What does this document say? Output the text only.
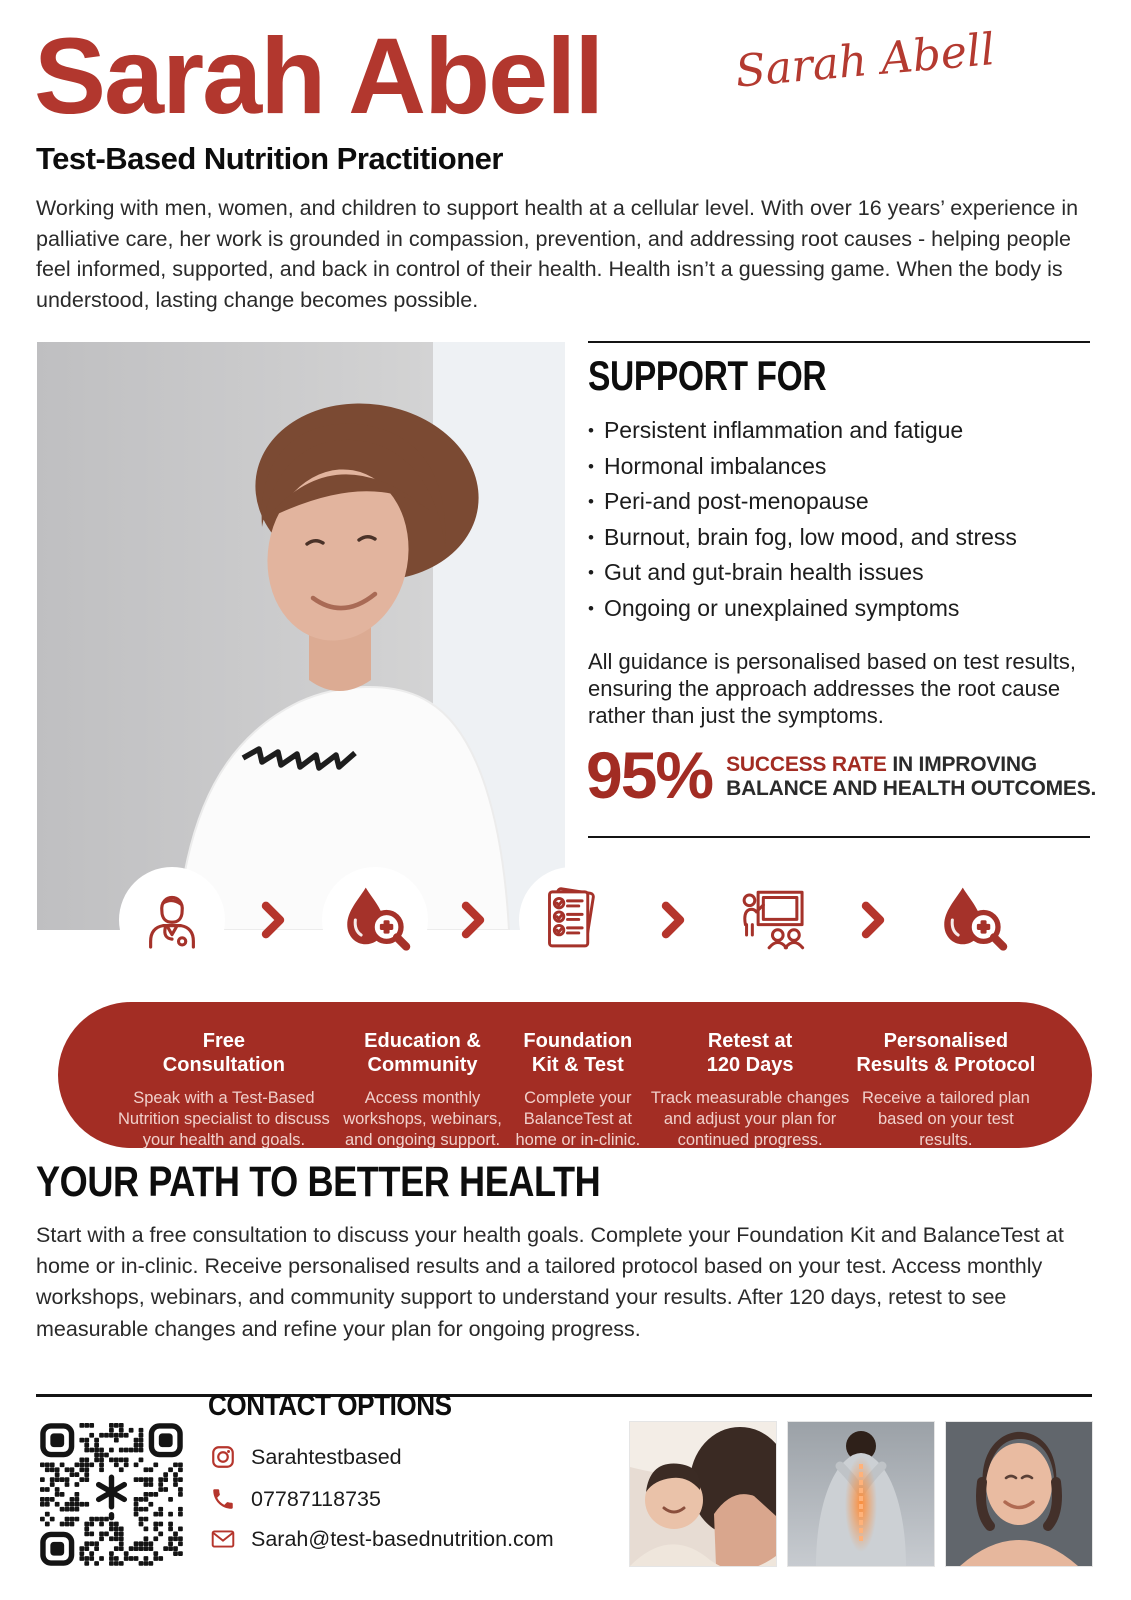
Sarah Abell	Sarah Abell
Test-Based Nutrition Practitioner

Working with men, women, and children to support health at a cellular level. With over 16 years’ experience in palliative care, her work is grounded in compassion, prevention, and addressing root causes - helping people feel informed, supported, and back in control of their health. Health isn’t a guessing game. When the body is understood, lasting change becomes possible.

SUPPORT FOR
• Persistent inflammation and fatigue
• Hormonal imbalances
• Peri-and post-menopause
• Burnout, brain fog, low mood, and stress
• Gut and gut-brain health issues
• Ongoing or unexplained symptoms

All guidance is personalised based on test results, ensuring the approach addresses the root cause rather than just the symptoms.

95% SUCCESS RATE IN IMPROVING
BALANCE AND HEALTH OUTCOMES.
Free Consultation

Speak with a Test-Based Nutrition specialist to discuss your health and goals.

Education & Community

Access monthly workshops, webinars, and ongoing support.

Foundation Kit & Test

Complete your BalanceTest at home or in-clinic.

Retest at 120 Days

Track measurable changes and adjust your plan for continued progress.

Personalised Results & Protocol

Receive a tailored plan based on your test results.

YOUR PATH TO BETTER HEALTH

Start with a free consultation to discuss your health goals. Complete your Foundation Kit and BalanceTest at home or in-clinic. Receive personalised results and a tailored protocol based on your test. Access monthly workshops, webinars, and community support to understand your results. After 120 days, retest to see measurable changes and refine your plan for ongoing progress.

CONTACT OPTIONS
Sarahtestbased
07787118735
Sarah@test-basednutrition.com
